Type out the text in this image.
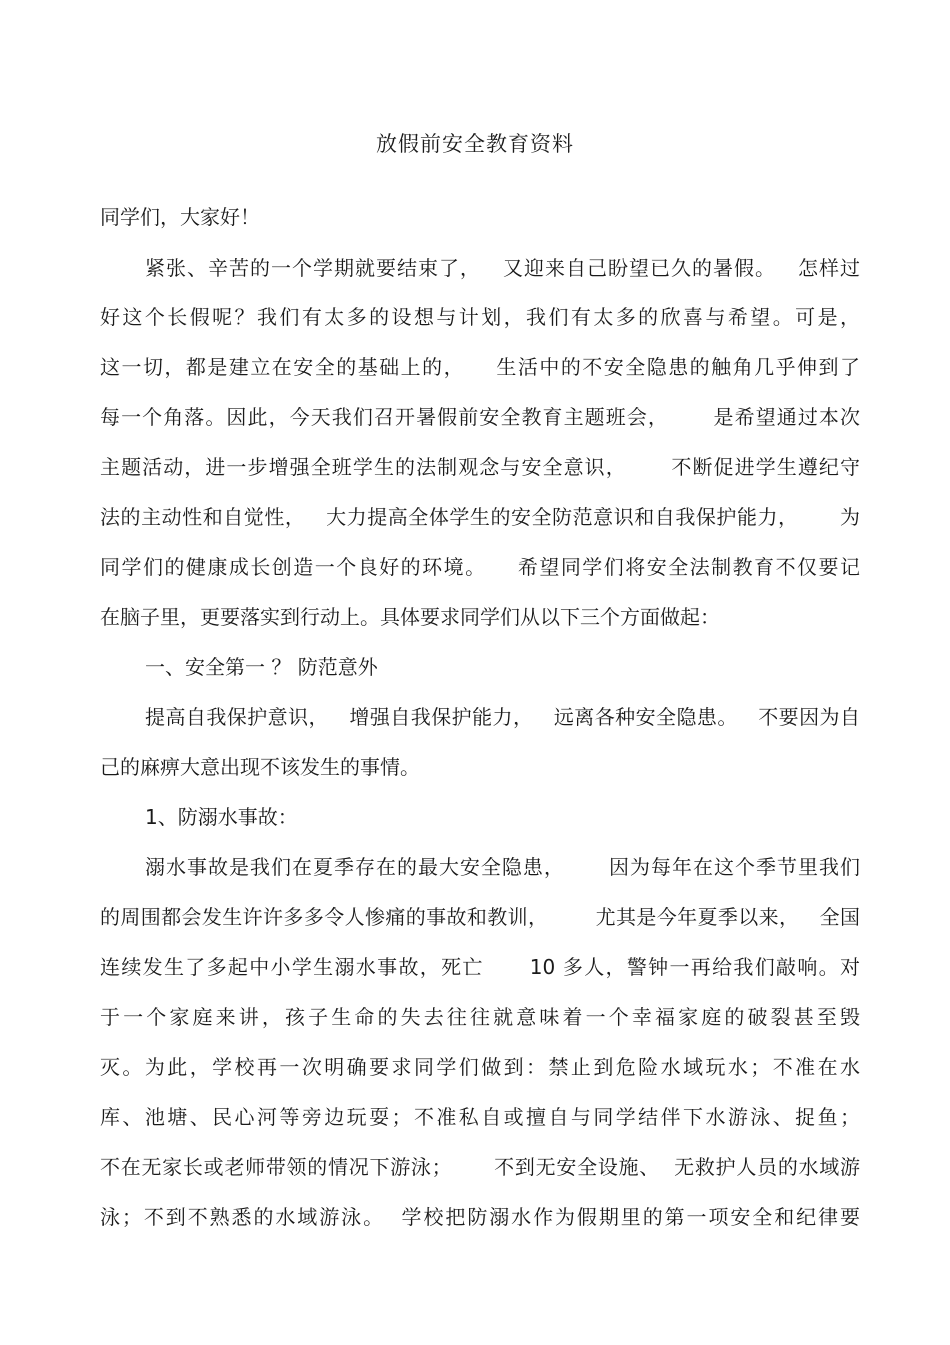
放假前安全教育资料
同学们，大家好！
紧张、辛苦的一个学期就要结束了，   又迎来自己盼望已久的暑假。   怎样过
好这个长假呢？我们有太多的设想与计划，我们有太多的欣喜与希望。可是，
这一切，都是建立在安全的基础上的，    生活中的不安全隐患的触角几乎伸到了
每一个角落。因此，今天我们召开暑假前安全教育主题班会，      是希望通过本次
主题活动，进一步增强全班学生的法制观念与安全意识，      不断促进学生遵纪守
法的主动性和自觉性，   大力提高全体学生的安全防范意识和自我保护能力，      为
同学们的健康成长创造一个良好的环境。    希望同学们将安全法制教育不仅要记
在脑子里，更要落实到行动上。具体要求同学们从以下三个方面做起：
一、安全第一 ？ 防范意外
提高自我保护意识，   增强自我保护能力，   远离各种安全隐患。   不要因为自
己的麻痹大意出现不该发生的事情。
1、防溺水事故：
溺水事故是我们在夏季存在的最大安全隐患，      因为每年在这个季节里我们
的周围都会发生许许多多令人惨痛的事故和教训，       尤其是今年夏季以来，   全国
连续发生了多起中小学生溺水事故，死亡      10 多人，警钟一再给我们敲响。对
于一个家庭来讲，孩子生命的失去往往就意味着一个幸福家庭的破裂甚至毁
灭。为此，学校再一次明确要求同学们做到：禁止到危险水域玩水；不准在水
库、池塘、民心河等旁边玩耍；不准私自或擅自与同学结伴下水游泳、捉鱼；
不在无家长或老师带领的情况下游泳；      不到无安全设施、  无救护人员的水域游
泳；不到不熟悉的水域游泳。  学校把防溺水作为假期里的第一项安全和纪律要
